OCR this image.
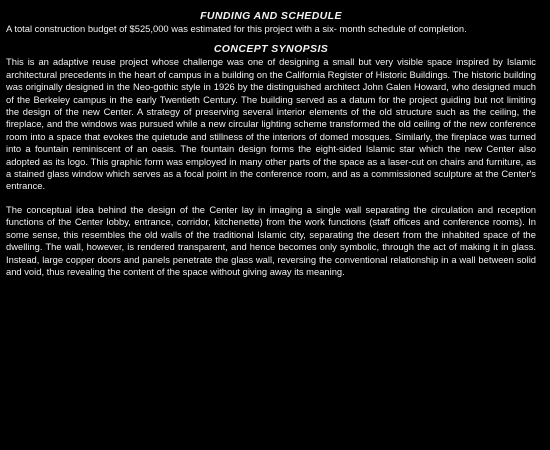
FUNDING AND SCHEDULE

A total construction budget of $525,000 was estimated for this project with a six- month schedule of completion.

CONCEPT SYNOPSIS

This is an adaptive reuse project whose challenge was one of designing a small but very visible space inspired by Islamic architectural precedents in the heart of campus in a building on the California Register of Historic Buildings. The historic building was originally designed in the Neo-gothic style in 1926 by the distinguished architect John Galen Howard, who designed much of the Berkeley campus in the early Twentieth Century. The building served as a datum for the project guiding but not limiting the design of the new Center. A strategy of preserving several interior elements of the old structure such as the ceiling, the fireplace, and the windows was pursued while a new circular lighting scheme transformed the old ceiling of the new conference room into a space that evokes the quietude and stillness of the interiors of domed mosques. Similarly, the fireplace was turned into a fountain reminiscent of an oasis. The fountain design forms the eight-sided Islamic star which the new Center also adopted as its logo. This graphic form was employed in many other parts of the space as a laser-cut on chairs and furniture, as a stained glass window which serves as a focal point in the conference room, and as a commissioned sculpture at the Center's entrance.

The conceptual idea behind the design of the Center lay in imaging a single wall separating the circulation and reception functions of the Center lobby, entrance, corridor, kitchenette) from the work functions (staff offices and conference rooms). In some sense, this resembles the old walls of the traditional Islamic city, separating the desert from the inhabited space of the dwelling. The wall, however, is rendered transparent, and hence becomes only symbolic, through the act of making it in glass. Instead, large copper doors and panels penetrate the glass wall, reversing the conventional relationship in a wall between solid and void, thus revealing the content of the space without giving away its meaning.
